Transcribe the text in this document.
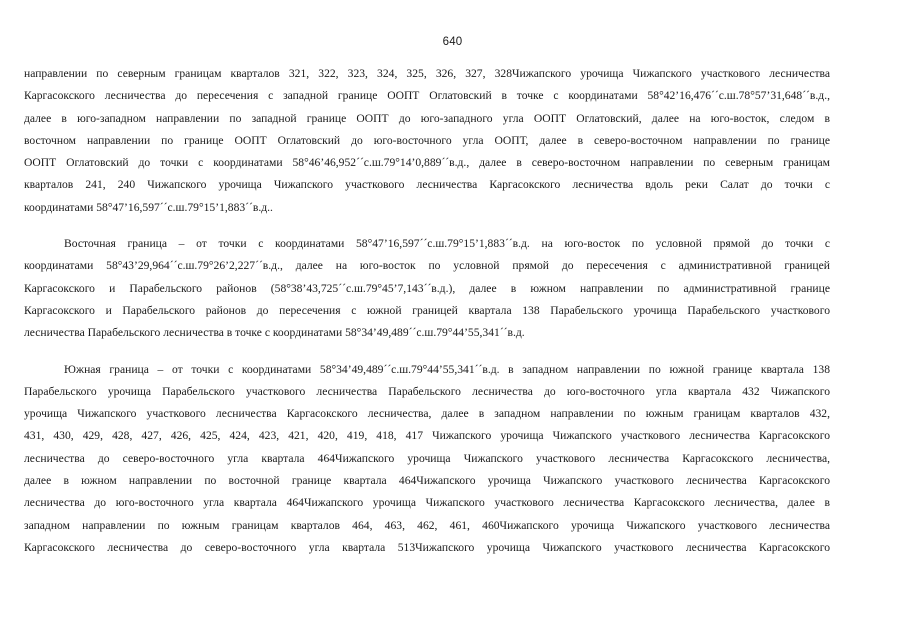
640
направлении по северным границам кварталов 321, 322, 323, 324, 325, 326, 327, 328Чижапского урочища Чижапского участкового лесничества
Каргасокского лесничества до пересечения с западной границе ООПТ Оглатовский в точке с координатами 58°42’16,476´´с.ш.78°57’31,648´´в.д.,
далее в юго-западном направлении по западной границе ООПТ до юго-западного угла ООПТ Оглатовский, далее на юго-восток, следом в
восточном направлении по границе ООПТ Оглатовский до юго-восточного угла ООПТ, далее в северо-восточном направлении по границе
ООПТ Оглатовский до точки с координатами 58°46’46,952´´с.ш.79°14’0,889´´в.д., далее в северо-восточном направлении по северным границам
кварталов 241, 240 Чижапского урочища Чижапского участкового лесничества Каргасокского лесничества вдоль реки Салат до точки с
координатами 58°47’16,597´´с.ш.79°15’1,883´´в.д..
Восточная граница – от точки с координатами 58°47’16,597´´с.ш.79°15’1,883´´в.д. на юго-восток по условной прямой до точки с
координатами 58°43’29,964´´с.ш.79°26’2,227´´в.д., далее на юго-восток по условной прямой до пересечения с административной границей
Каргасокского и Парабельского районов (58°38’43,725´´с.ш.79°45’7,143´´в.д.), далее в южном направлении по административной границе
Каргасокского и Парабельского районов до пересечения с южной границей квартала 138 Парабельского урочища Парабельского участкового
лесничества Парабельского лесничества в точке с координатами 58°34’49,489´´с.ш.79°44’55,341´´в.д.
Южная граница – от точки с координатами 58°34’49,489´´с.ш.79°44’55,341´´в.д. в западном направлении по южной границе квартала 138
Парабельского урочища Парабельского участкового лесничества Парабельского лесничества до юго-восточного угла квартала 432 Чижапского
урочища Чижапского участкового лесничества Каргасокского лесничества, далее в западном направлении по южным границам кварталов 432,
431, 430, 429, 428, 427, 426, 425, 424, 423, 421, 420, 419, 418, 417 Чижапского урочища Чижапского участкового лесничества Каргасокского
лесничества до северо-восточного угла квартала 464Чижапского урочища Чижапского участкового лесничества Каргасокского лесничества,
далее в южном направлении по восточной границе квартала 464Чижапского урочища Чижапского участкового лесничества Каргасокского
лесничества до юго-восточного угла квартала 464Чижапского урочища Чижапского участкового лесничества Каргасокского лесничества, далее в
западном направлении по южным границам кварталов 464, 463, 462, 461, 460Чижапского урочища Чижапского участкового лесничества
Каргасокского лесничества до северо-восточного угла квартала 513Чижапского урочища Чижапского участкового лесничества Каргасокского
